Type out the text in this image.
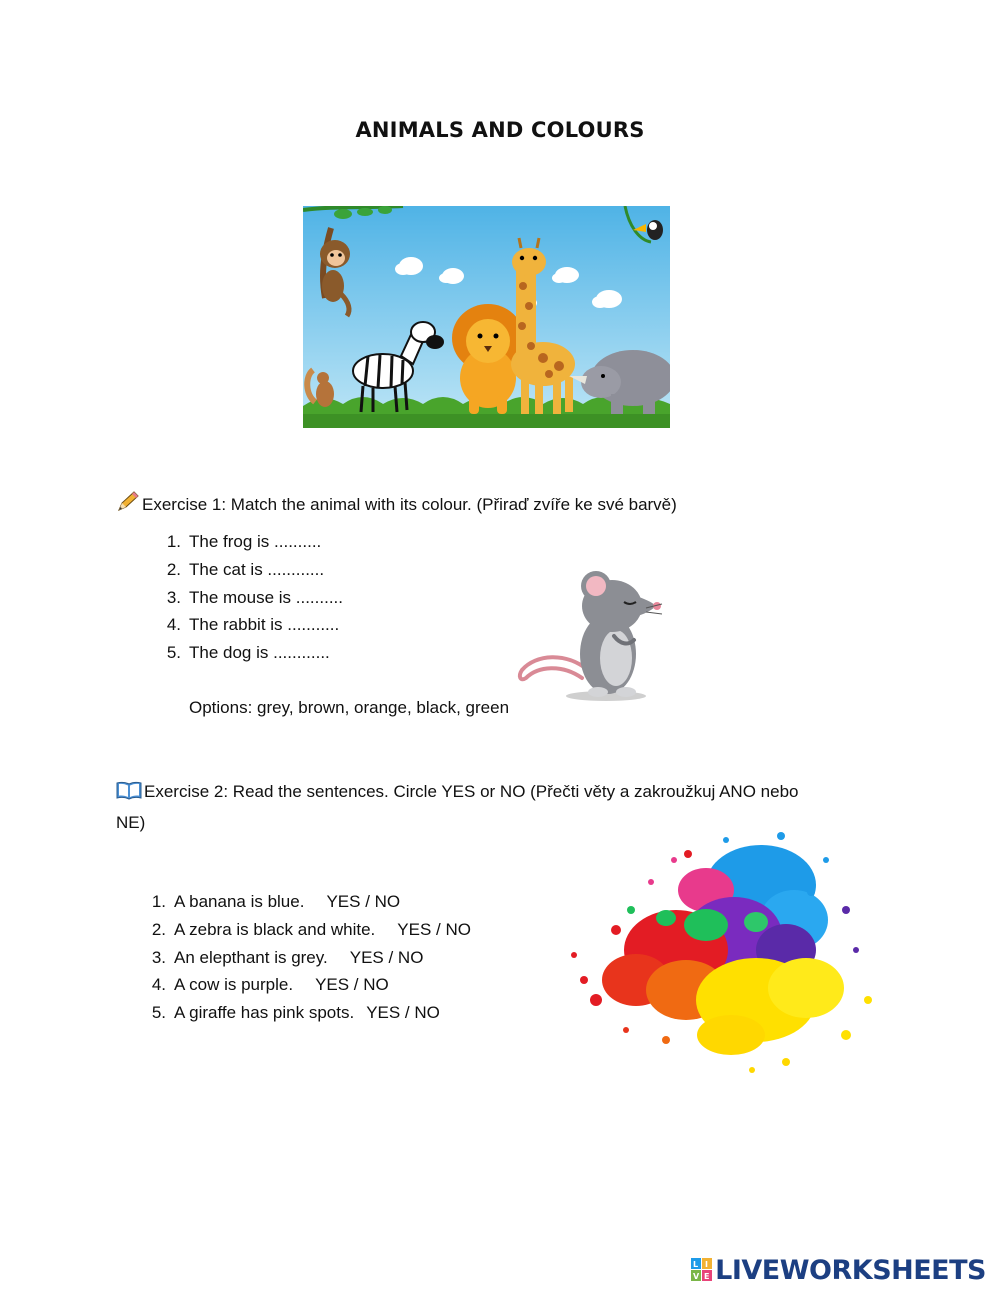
ANIMALS AND COLOURS
Exercise 1: Match the animal with its colour. (Přiraď zvíře ke své barvě)
1. The frog is ..........
2. The cat is ............
3. The mouse is ..........
4. The rabbit is ...........
5. The dog is ............
Options: grey, brown, orange, black, green
Exercise 2: Read the sentences. Circle YES or NO (Přečti věty a zakroužkuj ANO nebo
NE)
1. A banana is blue. YES / NO
2. A zebra is black and white. YES / NO
3. An elepthant is grey. YES / NO
4. A cow is purple. YES / NO
5. A giraffe has pink spots. YES / NO
L I
V E LIVEWORKSHEETS
